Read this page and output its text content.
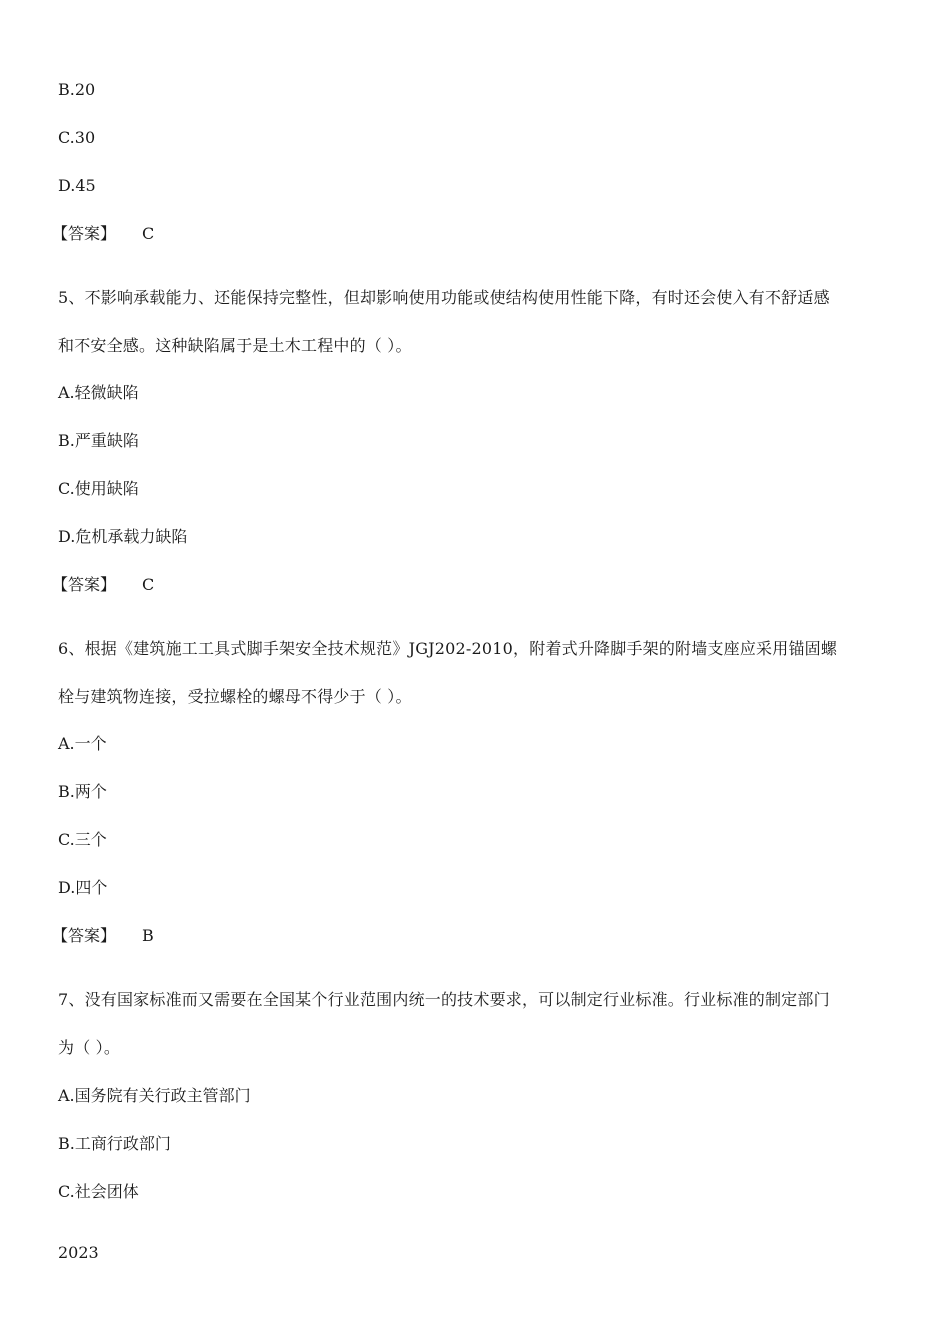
B.20
C.30
D.45
【答案】 C
5、不影响承载能力、还能保持完整性，但却影响使用功能或使结构使用性能下降，有时还会使入有不舒适感
和不安全感。这种缺陷属于是土木工程中的（ ）。
A.轻微缺陷
B.严重缺陷
C.使用缺陷
D.危机承载力缺陷
【答案】 C
6、根据《建筑施工工具式脚手架安全技术规范》JGJ202-2010，附着式升降脚手架的附墙支座应采用锚固螺
栓与建筑物连接，受拉螺栓的螺母不得少于（ ）。
A.一个
B.两个
C.三个
D.四个
【答案】 B
7、没有国家标准而又需要在全国某个行业范围内统一的技术要求，可以制定行业标准。行业标准的制定部门
为（ ）。
A.国务院有关行政主管部门
B.工商行政部门
C.社会团体
2023
